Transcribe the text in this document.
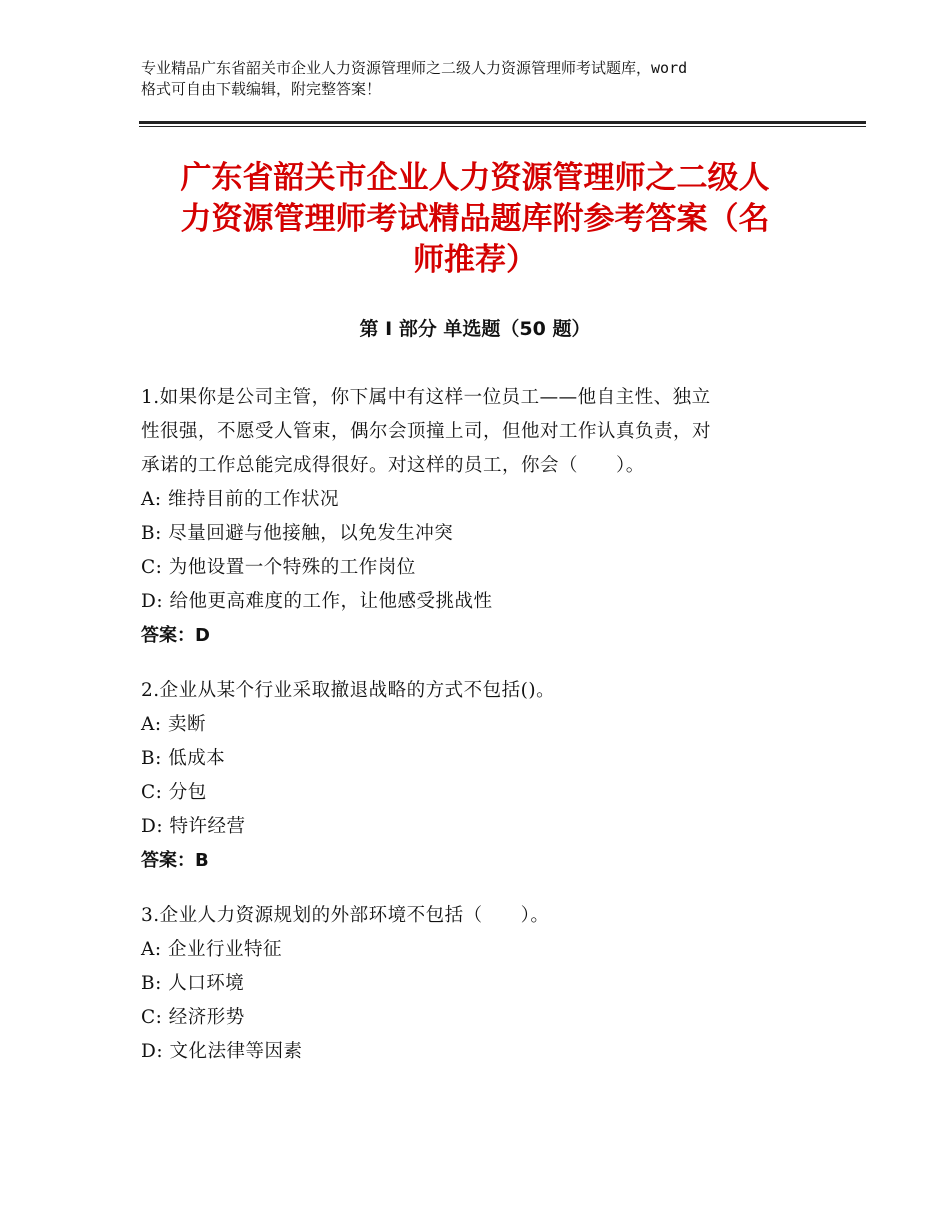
专业精品广东省韶关市企业人力资源管理师之二级人力资源管理师考试题库，word

格式可自由下载编辑，附完整答案！

广东省韶关市企业人力资源管理师之二级人
力资源管理师考试精品题库附参考答案（名
师推荐）
第 I 部分 单选题（50 题）

1.如果你是公司主管，你下属中有这样一位员工——他自主性、独立
性很强，不愿受人管束，偶尔会顶撞上司，但他对工作认真负责，对
承诺的工作总能完成得很好。对这样的员工，你会（　　）。

A: 维持目前的工作状况

B: 尽量回避与他接触，以免发生冲突

C: 为他设置一个特殊的工作岗位

D: 给他更高难度的工作，让他感受挑战性

答案：D

2.企业从某个行业采取撤退战略的方式不包括()。

A: 卖断

B: 低成本

C: 分包

D: 特许经营

答案：B

3.企业人力资源规划的外部环境不包括（　　）。

A: 企业行业特征

B: 人口环境

C: 经济形势

D: 文化法律等因素
